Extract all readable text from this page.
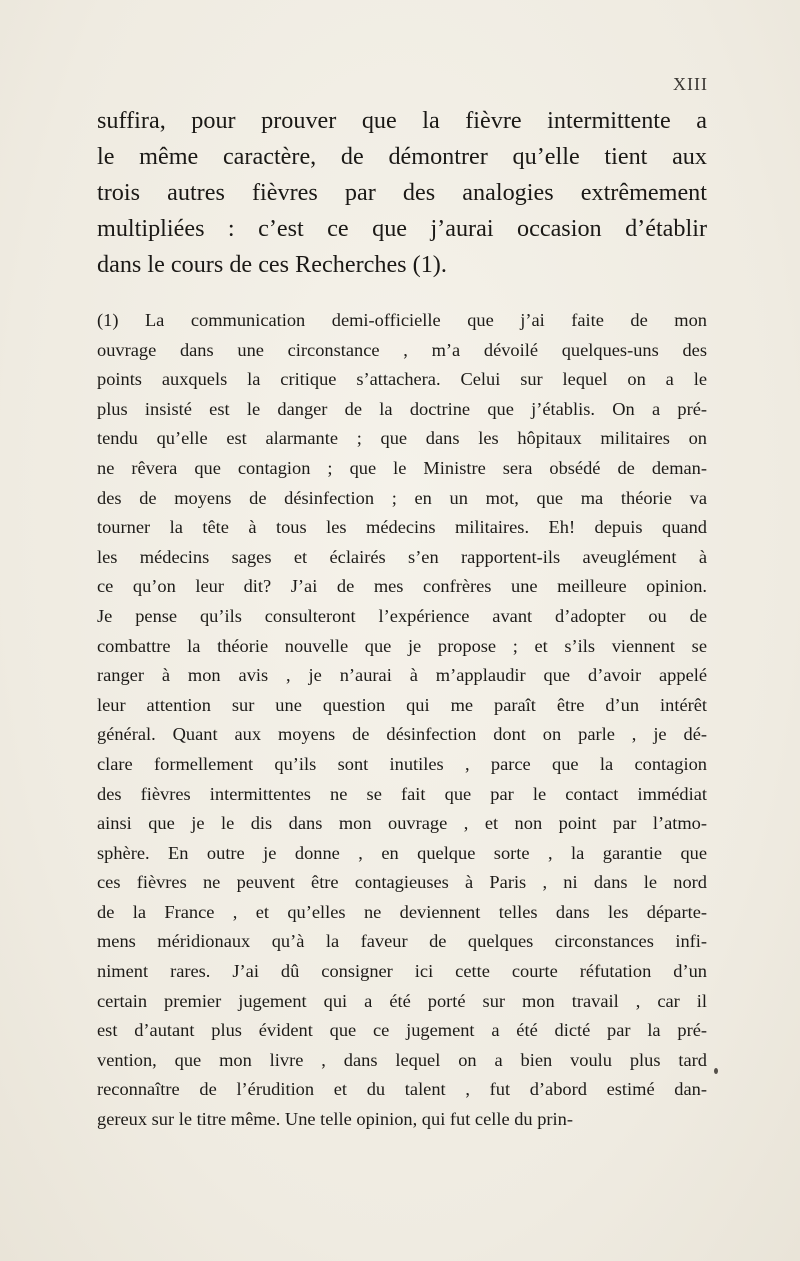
XIII
suffira, pour prouver que la fièvre intermittente a
le même caractère, de démontrer qu’elle tient aux
trois autres fièvres par des analogies extrêmement
multipliées : c’est ce que j’aurai occasion d’établir
dans le cours de ces Recherches (1).
(1) La communication demi-officielle que j’ai faite de mon
ouvrage dans une circonstance , m’a dévoilé quelques-uns des
points auxquels la critique s’attachera. Celui sur lequel on a le
plus insisté est le danger de la doctrine que j’établis. On a pré-
tendu qu’elle est alarmante ; que dans les hôpitaux militaires on
ne rêvera que contagion ; que le Ministre sera obsédé de deman-
des de moyens de désinfection ; en un mot, que ma théorie va
tourner la tête à tous les médecins militaires. Eh! depuis quand
les médecins sages et éclairés s’en rapportent-ils aveuglément à
ce qu’on leur dit? J’ai de mes confrères une meilleure opinion.
Je pense qu’ils consulteront l’expérience avant d’adopter ou de
combattre la théorie nouvelle que je propose ; et s’ils viennent se
ranger à mon avis , je n’aurai à m’applaudir que d’avoir appelé
leur attention sur une question qui me paraît être d’un intérêt
général. Quant aux moyens de désinfection dont on parle , je dé-
clare formellement qu’ils sont inutiles , parce que la contagion
des fièvres intermittentes ne se fait que par le contact immédiat
ainsi que je le dis dans mon ouvrage , et non point par l’atmo-
sphère. En outre je donne , en quelque sorte , la garantie que
ces fièvres ne peuvent être contagieuses à Paris , ni dans le nord
de la France , et qu’elles ne deviennent telles dans les départe-
mens méridionaux qu’à la faveur de quelques circonstances infi-
niment rares. J’ai dû consigner ici cette courte réfutation d’un
certain premier jugement qui a été porté sur mon travail , car il
est d’autant plus évident que ce jugement a été dicté par la pré-
vention, que mon livre , dans lequel on a bien voulu plus tard
reconnaître de l’érudition et du talent , fut d’abord estimé dan-
gereux sur le titre même. Une telle opinion, qui fut celle du prin-
